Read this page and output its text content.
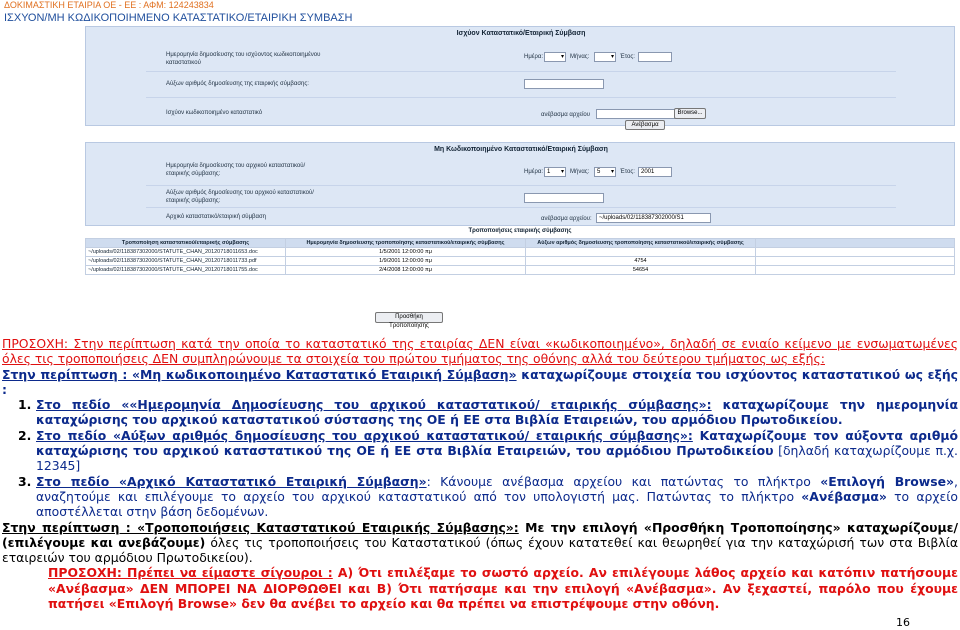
ΔΟΚΙΜΑΣΤΙΚΗ ΕΤΑΙΡΙΑ ΟΕ - ΕΕ : ΑΦΜ: 124243834
ΙΣΧΥΟΝ/ΜΗ ΚΩΔΙΚΟΠΟΙΗΜΕΝΟ ΚΑΤΑΣΤΑΤΙΚΟ/ΕΤΑΙΡΙΚΗ ΣΥΜΒΑΣΗ
Ισχύον Καταστατικό/Εταιρική Σύμβαση
Ημερομηνία δημοσίευσης του ισχύοντος κωδικοποιημένου καταστατικού
Ημέρα: ▾	Μήνας: ▾	Έτος:
Αύξων αριθμός δημοσίευσης της εταιρικής σύμβασης:
Ισχύον κωδικοποιημένο καταστατικό	ανέβασμα αρχείου	Browse...
Ανέβασμα
Μη Κωδικοποιημένο Καταστατικό/Εταιρική Σύμβαση
Ημερομηνία δημοσίευσης του αρχικού καταστατικού/εταιρικής σύμβασης:	Ημέρα: 1 ▾	Μήνας:	5 ▾	Έτος:	2001
Αύξων αριθμός δημοσίευσης του αρχικού καταστατικού/εταιρικής σύμβασης:
Αρχικό καταστατικό/εταιρική σύμβαση	ανέβασμα αρχείου:	~/uploads/02/118387302000/S1
Τροποποιήσεις εταιρικής σύμβασης
Τροποποίηση καταστατικού/εταιρικής σύμβασης	Ημερομηνία δημοσίευσης τροποποίησης καταστατικού/εταιρικής σύμβασης	Αύξων αριθμός δημοσίευσης τροποποίησης καταστατικού/εταιρικής σύμβασης	
~/uploads/02/118387302000/STATUTE_CHAN_20120718011653.doc	1/5/2001 12:00:00 πμ		
~/uploads/02/118387302000/STATUTE_CHAN_20120718011733.pdf	1/9/2001 12:00:00 πμ	4754	
~/uploads/02/118387302000/STATUTE_CHAN_20120718011755.doc	2/4/2008 12:00:00 πμ	54654	
Προσθήκη Τροποποίησης

ΠΡΟΣΟΧΗ: Στην περίπτωση κατά την οποία το καταστατικό της εταιρίας ΔΕΝ είναι «κωδικοποιημένο», δηλαδή σε ενιαίο κείμενο με ενσωματωμένες όλες τις τροποποιήσεις ΔΕΝ συμπληρώνουμε τα στοιχεία του πρώτου τμήματος της οθόνης αλλά του δεύτερου τμήματος ως εξής:

Στην περίπτωση : «Μη κωδικοποιημένο Καταστατικό Εταιρική Σύμβαση» καταχωρίζουμε στοιχεία του ισχύοντος καταστατικού ως εξής :

1. Στο πεδίο ««Ημερομηνία Δημοσίευσης του αρχικού καταστατικού/ εταιρικής σύμβασης»: καταχωρίζουμε την ημερομηνία καταχώρισης του αρχικού καταστατικού σύστασης της ΟΕ ή ΕΕ στα Βιβλία Εταιρειών, του αρμόδιου Πρωτοδικείου.

2. Στο πεδίο «Αύξων αριθμός δημοσίευσης του αρχικού καταστατικού/ εταιρικής σύμβασης»: Καταχωρίζουμε τον αύξοντα αριθμό καταχώρισης του αρχικού καταστατικού της ΟΕ ή ΕΕ στα Βιβλία Εταιρειών, του αρμόδιου Πρωτοδικείου [δηλαδή καταχωρίζουμε π.χ. 12345]

3. Στο πεδίο «Αρχικό Καταστατικό Εταιρική Σύμβαση»: Κάνουμε ανέβασμα αρχείου και πατώντας το πλήκτρο «Επιλογή Browse», αναζητούμε και επιλέγουμε το αρχείο του αρχικού καταστατικού από τον υπολογιστή μας. Πατώντας το πλήκτρο «Ανέβασμα» το αρχείο αποστέλλεται στην βάση δεδομένων.

Στην περίπτωση : «Τροποποιήσεις Καταστατικού Εταιρικής Σύμβασης»: Με την επιλογή «Προσθήκη Τροποποίησης» καταχωρίζουμε/ (επιλέγουμε και ανεβάζουμε) όλες τις τροποποιήσεις του Καταστατικού (όπως έχουν κατατεθεί και θεωρηθεί για την καταχώρισή των στα Βιβλία εταιρειών του αρμόδιου Πρωτοδικείου).

ΠΡΟΣΟΧΗ: Πρέπει να είμαστε σίγουροι : Α) Ότι επιλέξαμε το σωστό αρχείο. Αν επιλέγουμε λάθος αρχείο και κατόπιν πατήσουμε «Ανέβασμα» ΔΕΝ ΜΠΟΡΕΙ ΝΑ ΔΙΟΡΘΩΘΕΙ και Β) Ότι πατήσαμε και την επιλογή «Ανέβασμα». Αν ξεχαστεί, παρόλο που έχουμε πατήσει «Επιλογή Browse» δεν θα ανέβει το αρχείο και θα πρέπει να επιστρέψουμε στην οθόνη.

16
